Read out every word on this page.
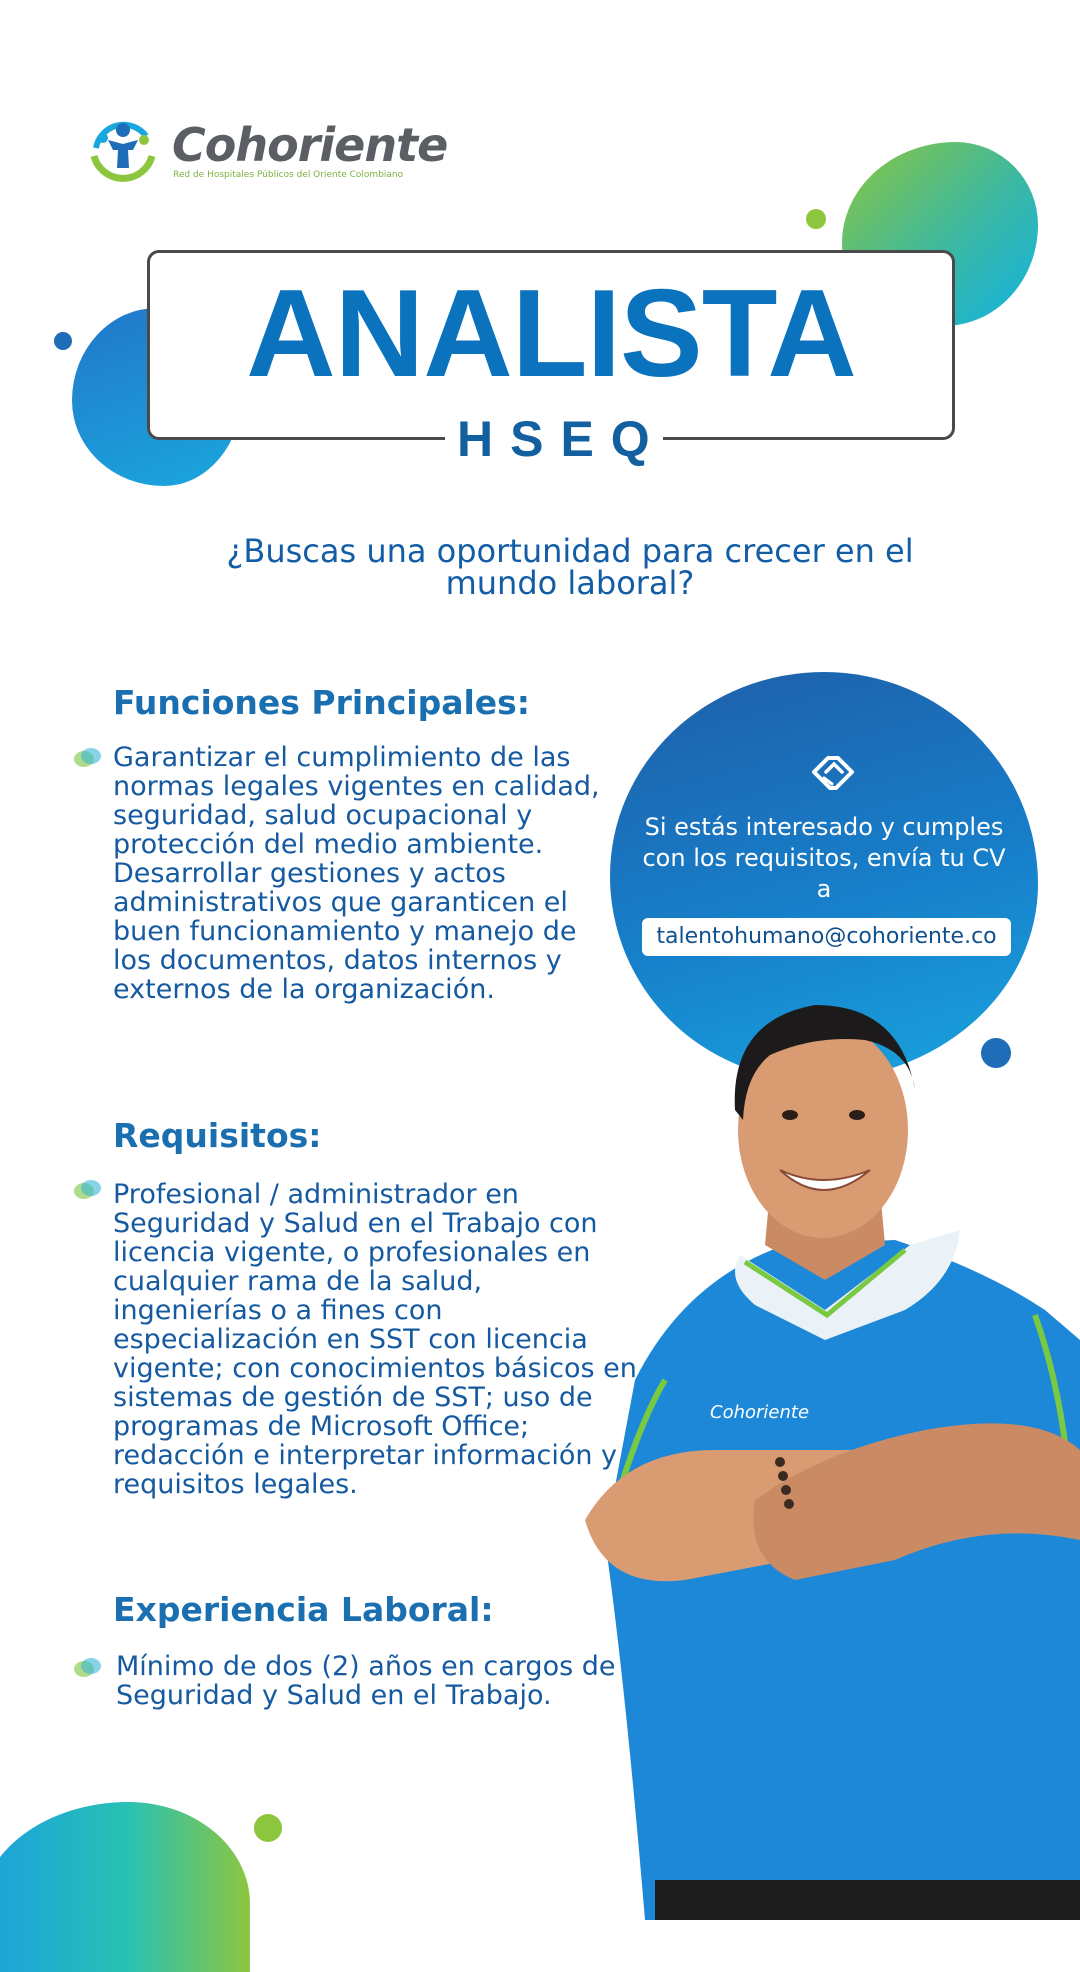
Cohoriente
Red de Hospitales Públicos del Oriente Colombiano
ANALISTA
HSEQ
¿Buscas una oportunidad para crecer en el mundo laboral?
Funciones Principales:
Garantizar el cumplimiento de las normas legales vigentes en calidad, seguridad, salud ocupacional y protección del medio ambiente. Desarrollar gestiones y actos administrativos que garanticen el buen funcionamiento y manejo de los documentos, datos internos y externos de la organización.
Requisitos:
Profesional / administrador en Seguridad y Salud en el Trabajo con licencia vigente, o profesionales en cualquier rama de la salud, ingenierías o a fines con especialización en SST con licencia vigente; con conocimientos básicos en sistemas de gestión de SST; uso de programas de Microsoft Office; redacción e interpretar información y requisitos legales.
Experiencia Laboral:
Mínimo de dos (2) años en cargos de Seguridad y Salud en el Trabajo.
Si estás interesado y cumples con los requisitos, envía tu CV a
talentohumano@cohoriente.co
Cohoriente
